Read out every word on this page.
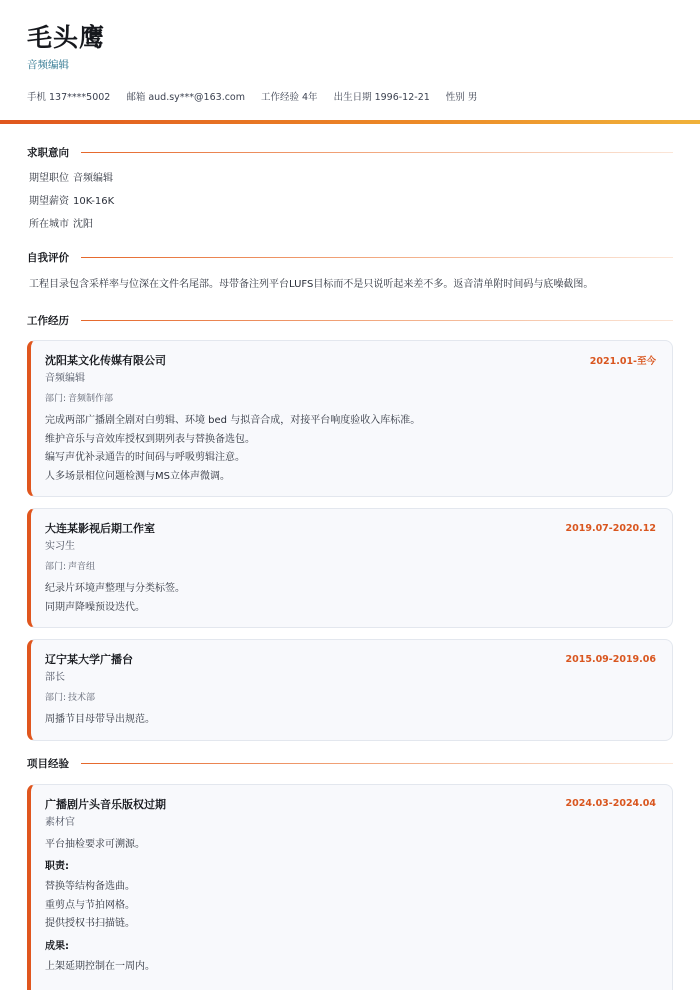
毛头鹰
音频编辑
手机 137****5002 邮箱 aud.sy***@163.com 工作经验 4年 出生日期 1996-12-21 性别 男
求职意向
期望职位 音频编辑
期望薪资 10K-16K
所在城市 沈阳
自我评价
工程目录包含采样率与位深在文件名尾部。母带备注列平台LUFS目标而不是只说听起来差不多。返音清单附时间码与底噪截图。
工作经历
沈阳某文化传媒有限公司	2021.01-至今
音频编辑
部门: 音频制作部
完成两部广播剧全剧对白剪辑、环境 bed 与拟音合成，对接平台响度验收入库标准。
维护音乐与音效库授权到期列表与替换备选包。
编写声优补录通告的时间码与呼吸剪辑注意。
人多场景相位问题检测与MS立体声微调。
大连某影视后期工作室	2019.07-2020.12
实习生
部门: 声音组
纪录片环境声整理与分类标签。
同期声降噪预设迭代。
辽宁某大学广播台	2015.09-2019.06
部长
部门: 技术部
周播节目母带导出规范。
项目经验
广播剧片头音乐版权过期	2024.03-2024.04
素材官
平台抽检要求可溯源。
职责:
替换等结构备选曲。
重剪点与节拍网格。
提供授权书扫描链。
成果:
上架延期控制在一周内。
